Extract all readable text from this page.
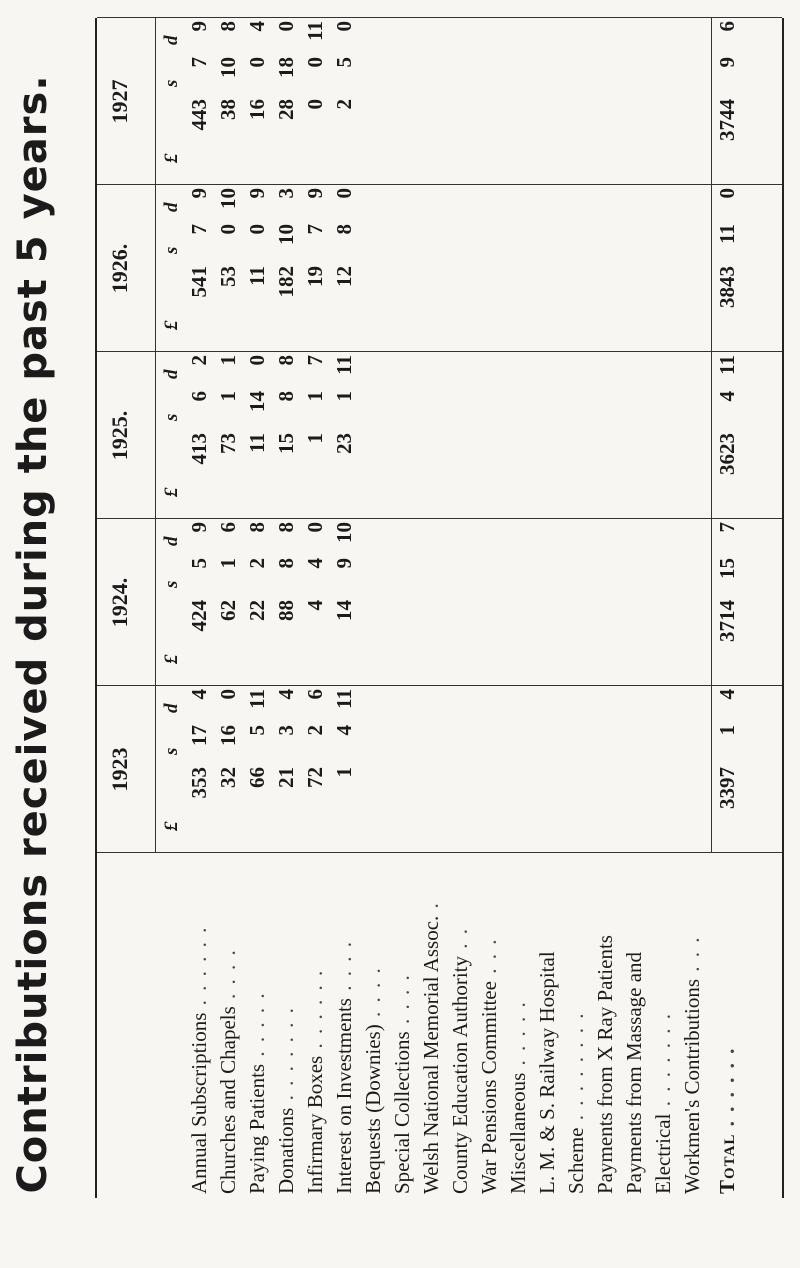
Contributions received during the past 5 years. 1923
1924.
1925.
1926.
1927
£
s
d
£
s
d
£
s
d
£
s
d
£
s
d
Annual Subscriptions . . . . . .
353
17
4
424
5
9
413
6
2
541
7
9
443
7
9
Churches and Chapels . . . .
32
16
0
62
1
6
73
1
1
53
0
10
38
10
8
Paying Patients . . . . .
66
5
11
22
2
8
11
14
0
11
0
9
16
0
4
Donations . . . . . . .
21
3
4
88
8
8
15
8
8
182
10
3
28
18
0
Infirmary Boxes . . . . . .
72
2
6
4
4
0
1
1
7
19
7
9
0
0
11
Interest on Investments . . . .
1
4
11
14
9
10
23
1
11
12
8
0
2
5
0
Bequests (Downies) . . . .
Special Collections . . . . Welsh National Memorial Assoc. .
County Education Authority . .
War Pensions Committee . . .
Miscellaneous . . . . . L. M. & S. Railway Hospital Scheme . . . . . . . . Payments from X Ray Patients Payments from Massage and Electrical . . . . . . . Workmen's Contributions . . .
Total . . . . . .
3397
1
4
3714
15
7
3623
4
11
3843
11
0
3744
9
6
